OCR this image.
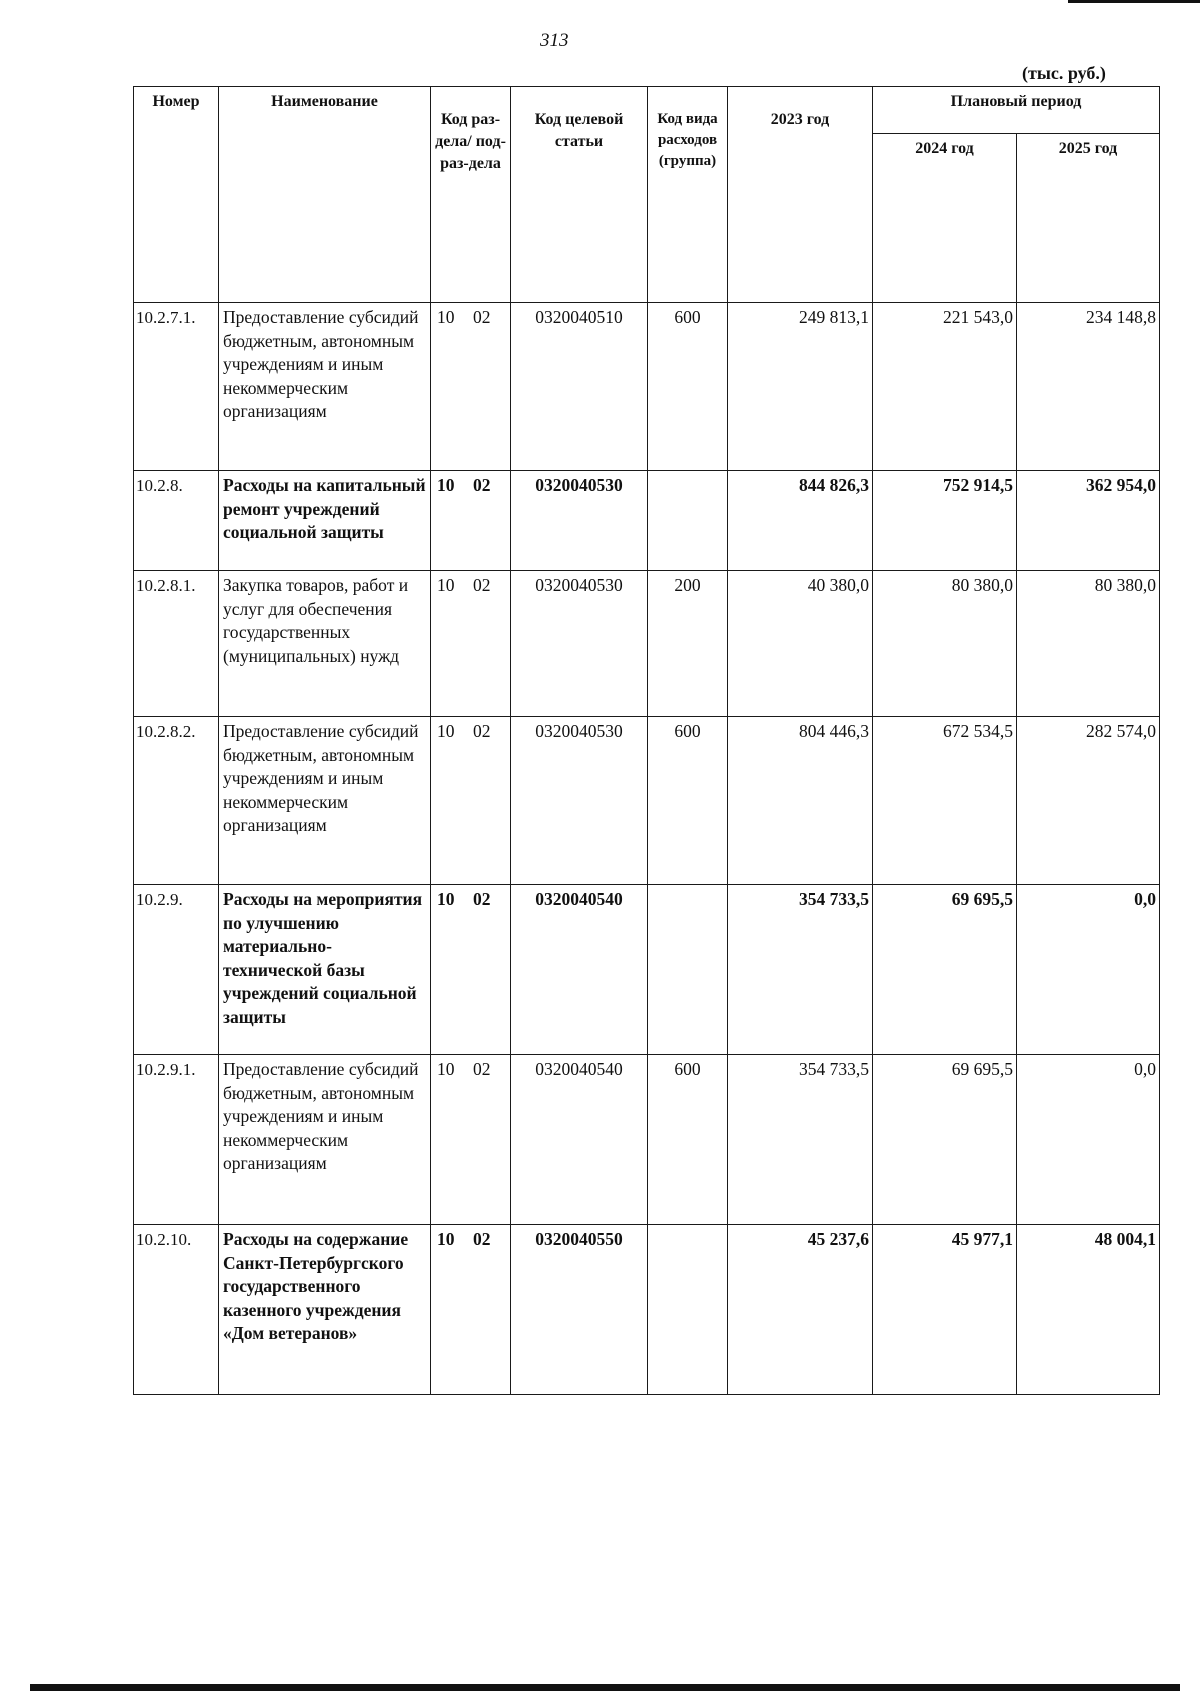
313
(тыс. руб.)
Номер	Наименование	Код раз-дела/ под-раз-дела	Код целевой статьи	Код вида расходов (группа)	2023 год	Плановый период	
						2024 год	2025 год
10.2.7.1.	Предоставление субсидий бюджетным, автономным учреждениям и иным некоммерческим организациям	10 02	0320040510	600	249 813,1	221 543,0	234 148,8
10.2.8.	Расходы на капитальный ремонт учреждений социальной защиты	10 02	0320040530		844 826,3	752 914,5	362 954,0
10.2.8.1.	Закупка товаров, работ и услуг для обеспечения государственных (муниципальных) нужд	10 02	0320040530	200	40 380,0	80 380,0	80 380,0
10.2.8.2.	Предоставление субсидий бюджетным, автономным учреждениям и иным некоммерческим организациям	10 02	0320040530	600	804 446,3	672 534,5	282 574,0
10.2.9.	Расходы на мероприятия по улучшению материально-технической базы учреждений социальной защиты	10 02	0320040540		354 733,5	69 695,5	0,0
10.2.9.1.	Предоставление субсидий бюджетным, автономным учреждениям и иным некоммерческим организациям	10 02	0320040540	600	354 733,5	69 695,5	0,0
10.2.10.	Расходы на содержание Санкт-Петербургского государственного казенного учреждения «Дом ветеранов»	10 02	0320040550		45 237,6	45 977,1	48 004,1
